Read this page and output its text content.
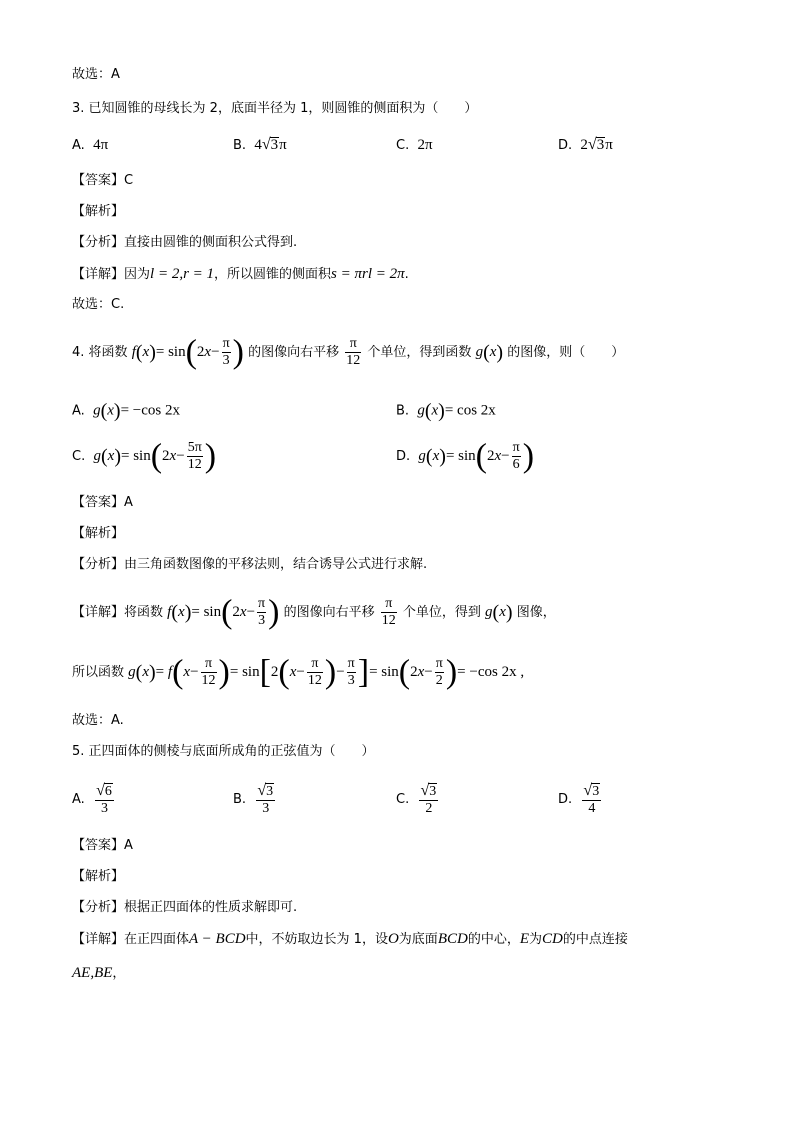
故选：A
3. 已知圆锥的母线长为 2，底面半径为 1，则圆锥的侧面积为（　　）
A. 4π	B. 4√3π	C. 2π	D. 2√3π
【答案】C
【解析】
【分析】直接由圆锥的侧面积公式得到.
【详解】因为l = 2,r = 1，所以圆锥的侧面积s = πrl = 2π.
故选：C.
4. 将函数 $f(x)= \sin(2x- \frac{\pi}{3}$ ) 的图像向右平移 $\frac{\pi}{12}$ 个单位，得到函数 g(x) 的图像，则（　　）
A. g(x)= −cos 2x	B. g(x)= cos 2x
C. $g(x)= \sin(2x- \frac{5\pi}{12}$ )	D. $g(x)= \sin(2x- \frac{\pi}{6}$ )
【答案】A
【解析】
【分析】由三角函数图像的平移法则，结合诱导公式进行求解.
【详解】将函数 $f(x)= \sin(2x- \frac{\pi}{3}$ ) 的图像向右平移 $\frac{\pi}{12}$ 个单位，得到 g(x) 图像，
所以函数 $g(x)= f(x- \frac{\pi}{12}$ )= $\sin[2(x- \frac{\pi}{12}$ )− $\frac{\pi}{3}$ ]= $\sin(2x- \frac{\pi}{2}$ )= −cos 2x ,
故选：A.
5. 正四面体的侧棱与底面所成角的正弦值为（　　）
A. $\frac{√6}{3}$	B. $\frac{√3}{3}$	C. $\frac{√3}{2}$	D. $\frac{√3}{4}$
【答案】A
【解析】
【分析】根据正四面体的性质求解即可.
【详解】在正四面体A − BCD中，不妨取边长为 1，设O为底面BCD的中心，E为CD的中点连接
AE,BE，
